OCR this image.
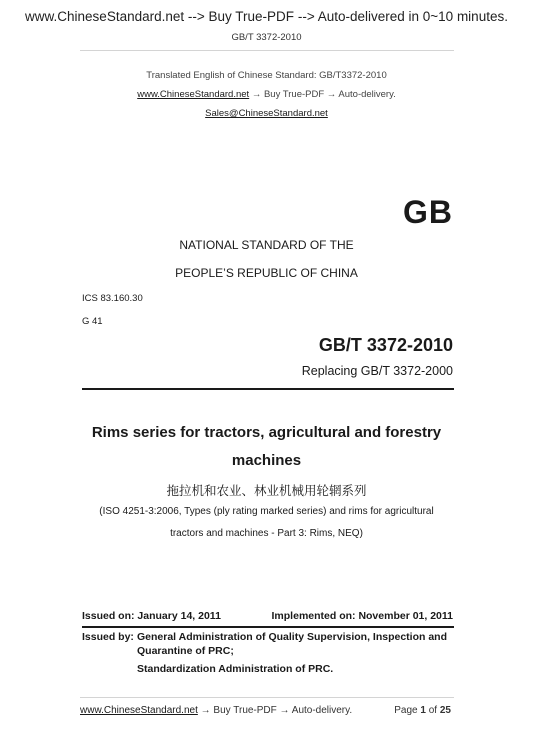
www.ChineseStandard.net --> Buy True-PDF --> Auto-delivered in 0~10 minutes.
GB/T 3372-2010
Translated English of Chinese Standard: GB/T3372-2010
www.ChineseStandard.net → Buy True-PDF → Auto-delivery.
Sales@ChineseStandard.net
GB
NATIONAL STANDARD OF THE
PEOPLE’S REPUBLIC OF CHINA
ICS 83.160.30
G 41
GB/T 3372-2010
Replacing GB/T 3372-2000
Rims series for tractors, agricultural and forestry
machines
拖拉机和农业、林业机械用轮辋系列
(ISO 4251-3:2006, Types (ply rating marked series) and rims for agricultural
tractors and machines - Part 3: Rims, NEQ)
Issued on: January 14, 2011	Implemented on: November 01, 2011
Issued by: General Administration of Quality Supervision, Inspection and
Quarantine of PRC;
Standardization Administration of PRC.
www.ChineseStandard.net → Buy True-PDF → Auto-delivery.	Page 1 of 25
